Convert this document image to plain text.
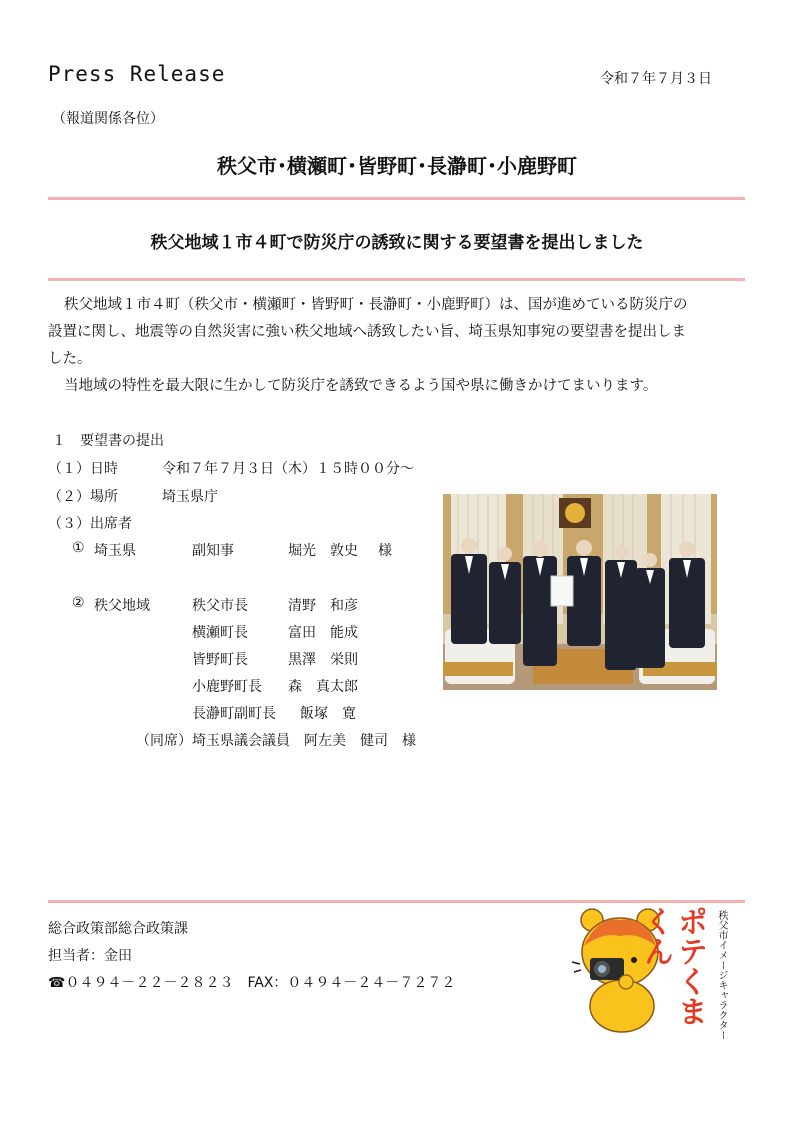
Press Release	令和７年７月３日
（報道関係各位）
秩父市･横瀬町･皆野町･長瀞町･小鹿野町
秩父地域１市４町で防災庁の誘致に関する要望書を提出しました
秩父地域１市４町（秩父市・横瀬町・皆野町・長瀞町・小鹿野町）は、国が進めている防災庁の
設置に関し、地震等の自然災害に強い秩父地域へ誘致したい旨、埼玉県知事宛の要望書を提出しま
した。
当地域の特性を最大限に生かして防災庁を誘致できるよう国や県に働きかけてまいります。
１　要望書の提出
（１）日時	令和７年７月３日（木）１５時００分～
（２）場所	埼玉県庁
（３）出席者
① 埼玉県	副知事	堀光　敦史 様
② 秩父地域	秩父市長	清野　和彦
横瀬町長	富田　能成
皆野町長	黒澤　栄則
小鹿野町長 森　真太郎
長瀞町副町長 飯塚　寛
（同席） 埼玉県議会議員　阿左美　健司　様
総合政策部総合政策課
担当者：金田
☎０４９４－２２－２８２３　FAX：０４９４－２４－７２７２	ポテくまくん	秩父市イメージキャラクター
